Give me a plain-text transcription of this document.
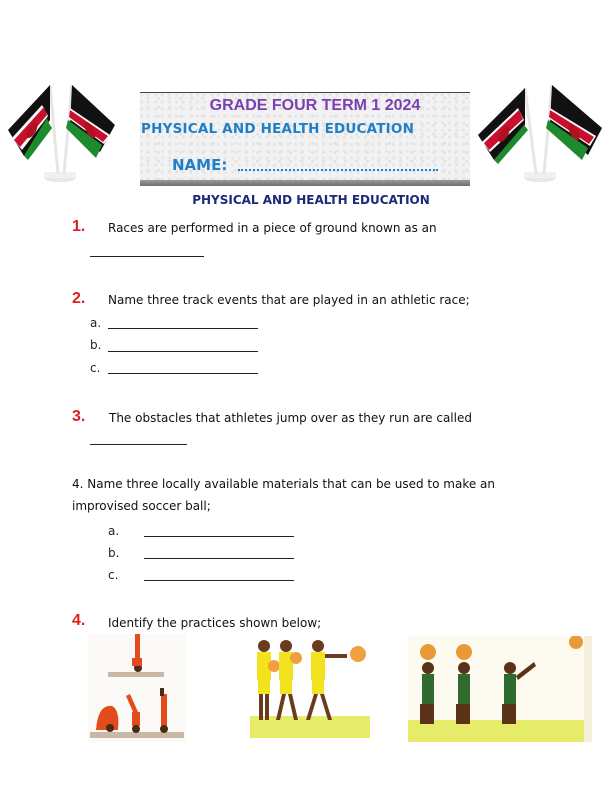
GRADE FOUR TERM 1 2024
PHYSICAL AND HEALTH EDUCATION
NAME:
PHYSICAL AND HEALTH EDUCATION
1. Races are performed in a piece of ground known as an
2. Name three track events that are played in an athletic race;
a.
b.
c.
3. The obstacles that athletes jump over as they run are called
4. Name three locally available materials that can be used to make an
improvised soccer ball;
a.
b.
c.
4. Identify the practices shown below;
